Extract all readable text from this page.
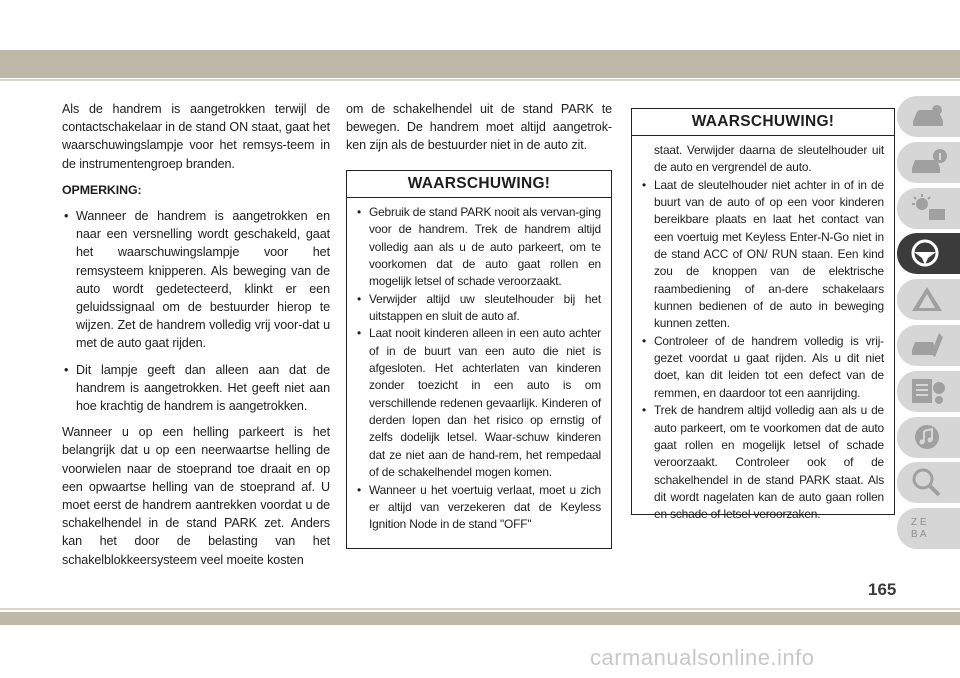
Als de handrem is aangetrokken terwijl de contactschakelaar in de stand ON staat, gaat het waarschuwingslampje voor het remsys-teem in de instrumentengroep branden.

OPMERKING:

• Wanneer de handrem is aangetrokken en naar een versnelling wordt geschakeld, gaat het waarschuwingslampje voor het remsysteem knipperen. Als beweging van de auto wordt gedetecteerd, klinkt er een geluidssignaal om de bestuurder hierop te wijzen. Zet de handrem volledig vrij voor-dat u met de auto gaat rijden.
• Dit lampje geeft dan alleen aan dat de handrem is aangetrokken. Het geeft niet aan hoe krachtig de handrem is aangetrokken.

Wanneer u op een helling parkeert is het belangrijk dat u op een neerwaartse helling de voorwielen naar de stoeprand toe draait en op een opwaartse helling van de stoeprand af. U moet eerst de handrem aantrekken voordat u de schakelhendel in de stand PARK zet. Anders kan het door de belasting van het schakelblokkeersysteem veel moeite kosten

om de schakelhendel uit de stand PARK te bewegen. De handrem moet altijd aangetrok-ken zijn als de bestuurder niet in de auto zit.

WAARSCHUWING!
• Gebruik de stand PARK nooit als vervan-ging voor de handrem. Trek de handrem altijd volledig aan als u de auto parkeert, om te voorkomen dat de auto gaat rollen en mogelijk letsel of schade veroorzaakt.
• Verwijder altijd uw sleutelhouder bij het uitstappen en sluit de auto af.
• Laat nooit kinderen alleen in een auto achter of in de buurt van een auto die niet is afgesloten. Het achterlaten van kinderen zonder toezicht in een auto is om verschillende redenen gevaarlijk. Kinderen of derden lopen dan het risico op ernstig of zelfs dodelijk letsel. Waar-schuw kinderen dat ze niet aan de hand-rem, het rempedaal of de schakelhendel mogen komen.
• Wanneer u het voertuig verlaat, moet u zich er altijd van verzekeren dat de Keyless Ignition Node in de stand "OFF"
WAARSCHUWING!
staat. Verwijder daarna de sleutelhouder uit de auto en vergrendel de auto.
• Laat de sleutelhouder niet achter in of in de buurt van de auto of op een voor kinderen bereikbare plaats en laat het contact van een voertuig met Keyless Enter-N-Go niet in de stand ACC of ON/ RUN staan. Een kind zou de knoppen van de elektrische raambediening of an-dere schakelaars kunnen bedienen of de auto in beweging kunnen zetten.
• Controleer of de handrem volledig is vrij-gezet voordat u gaat rijden. Als u dit niet doet, kan dit leiden tot een defect van de remmen, en daardoor tot een aanrijding.
• Trek de handrem altijd volledig aan als u de auto parkeert, om te voorkomen dat de auto gaat rollen en mogelijk letsel of schade veroorzaakt. Controleer ook of de schakelhendel in de stand PARK staat. Als dit wordt nagelaten kan de auto gaan rollen en schade of letsel veroorzaken.
Z E
B A
165
carmanualsonline.info
